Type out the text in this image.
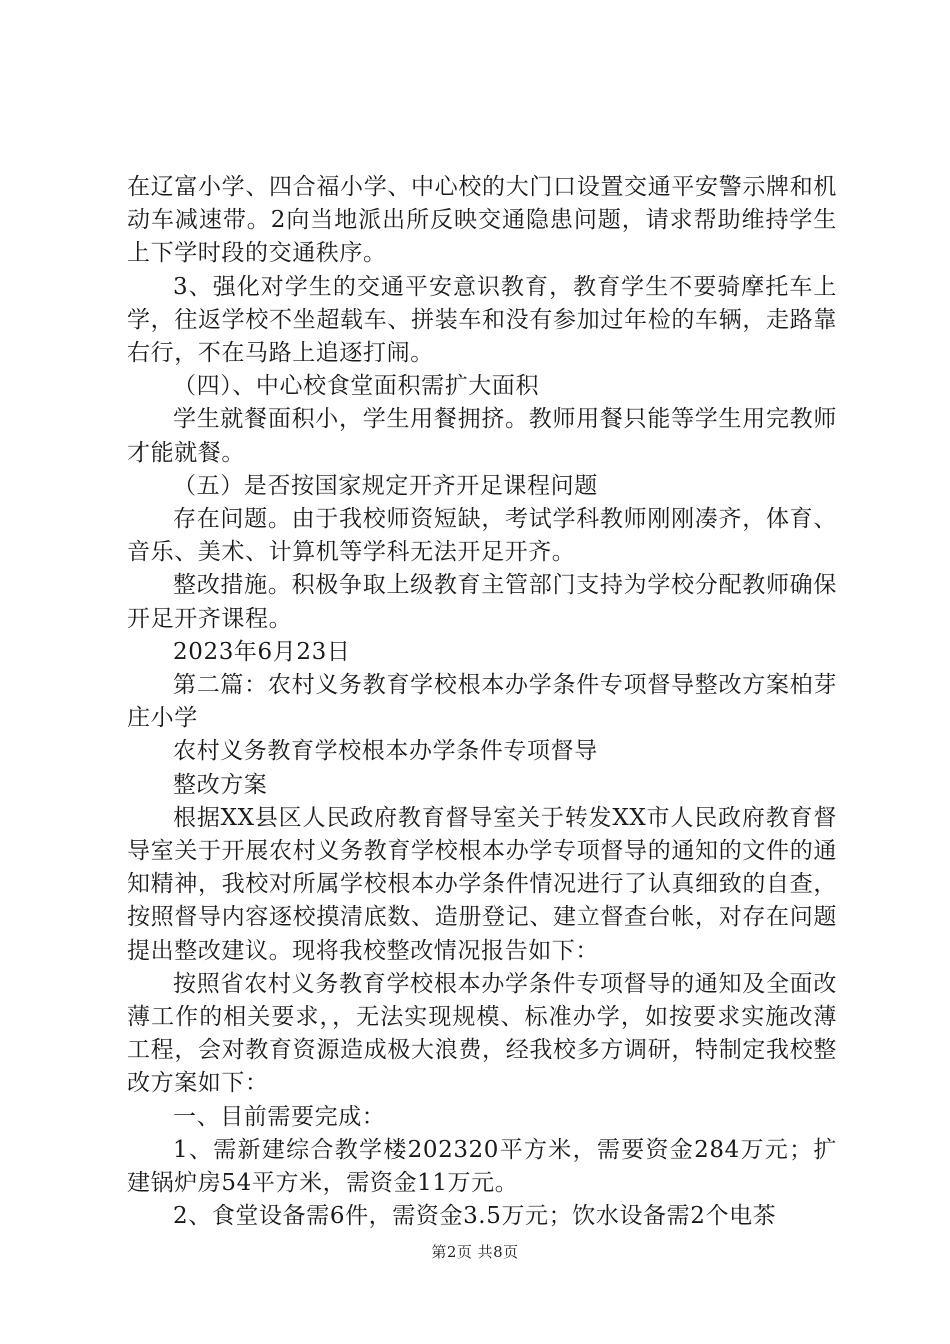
在辽富小学、四合福小学、中心校的大门口设置交通平安警示牌和机动车减速带。2向当地派出所反映交通隐患问题，请求帮助维持学生上下学时段的交通秩序。

3、强化对学生的交通平安意识教育，教育学生不要骑摩托车上学，往返学校不坐超载车、拼装车和没有参加过年检的车辆，走路靠右行，不在马路上追逐打闹。

（四）、中心校食堂面积需扩大面积

学生就餐面积小，学生用餐拥挤。教师用餐只能等学生用完教师才能就餐。

（五）是否按国家规定开齐开足课程问题

存在问题。由于我校师资短缺，考试学科教师刚刚凑齐，体育、音乐、美术、计算机等学科无法开足开齐。

整改措施。积极争取上级教育主管部门支持为学校分配教师确保开足开齐课程。

2023年6月23日

第二篇：农村义务教育学校根本办学条件专项督导整改方案柏芽庄小学

农村义务教育学校根本办学条件专项督导

整改方案

根据XX县区人民政府教育督导室关于转发XX市人民政府教育督导室关于开展农村义务教育学校根本办学专项督导的通知的文件的通知精神，我校对所属学校根本办学条件情况进行了认真细致的自查，按照督导内容逐校摸清底数、造册登记、建立督查台帐，对存在问题提出整改建议。现将我校整改情况报告如下：

按照省农村义务教育学校根本办学条件专项督导的通知及全面改薄工作的相关要求，，无法实现规模、标准办学，如按要求实施改薄工程，会对教育资源造成极大浪费，经我校多方调研，特制定我校整改方案如下：

一、目前需要完成：

1、需新建综合教学楼202320平方米，需要资金284万元；扩建锅炉房54平方米，需资金11万元。

2、食堂设备需6件，需资金3.5万元；饮水设备需2个电茶

第2页 共8页
